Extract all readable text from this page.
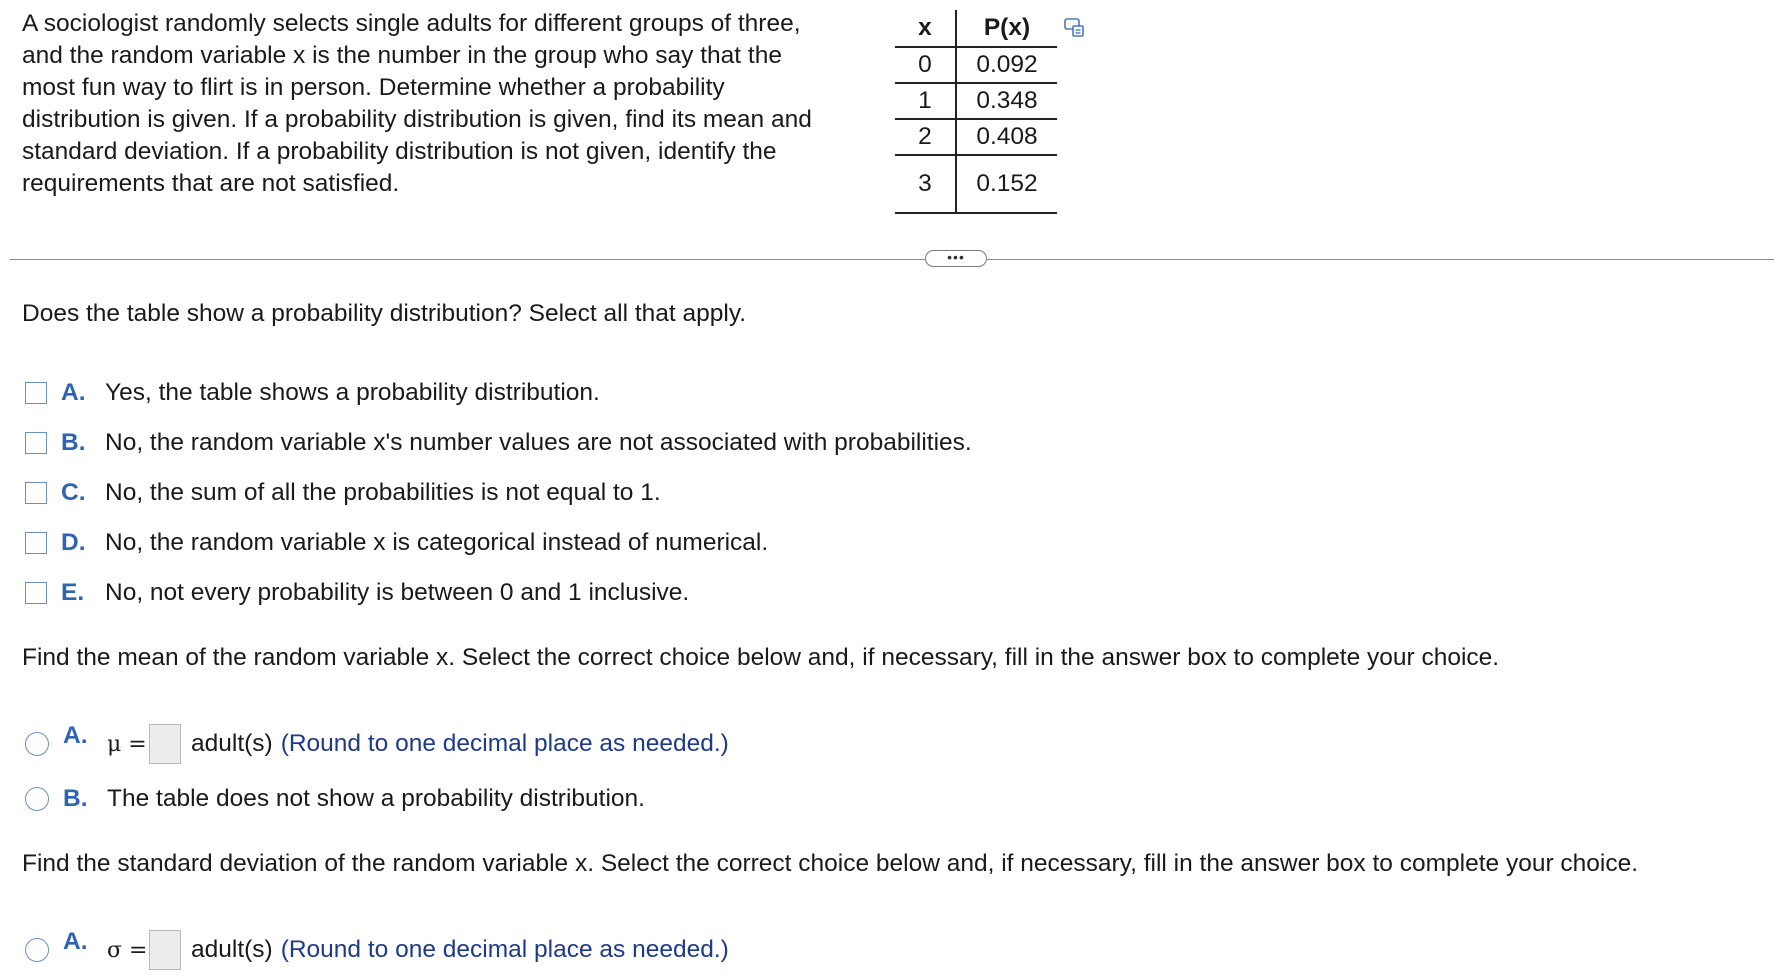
A sociologist randomly selects single adults for different groups of three,
and the random variable x is the number in the group who say that the
most fun way to flirt is in person. Determine whether a probability
distribution is given. If a probability distribution is given, find its mean and
standard deviation. If a probability distribution is not given, identify the
requirements that are not satisfied.
x	P(x)
0	0.092
1	0.348
2	0.408
3	0.152
•••
Does the table show a probability distribution? Select all that apply.
A. Yes, the table shows a probability distribution.
B. No, the random variable x's number values are not associated with probabilities.
C. No, the sum of all the probabilities is not equal to 1.
D. No, the random variable x is categorical instead of numerical.
E. No, not every probability is between 0 and 1 inclusive.
Find the mean of the random variable x. Select the correct choice below and, if necessary, fill in the answer box to complete your choice.
A. μ = adult(s) (Round to one decimal place as needed.)
B. The table does not show a probability distribution.
Find the standard deviation of the random variable x. Select the correct choice below and, if necessary, fill in the answer box to complete your choice.
A. σ = adult(s) (Round to one decimal place as needed.)
